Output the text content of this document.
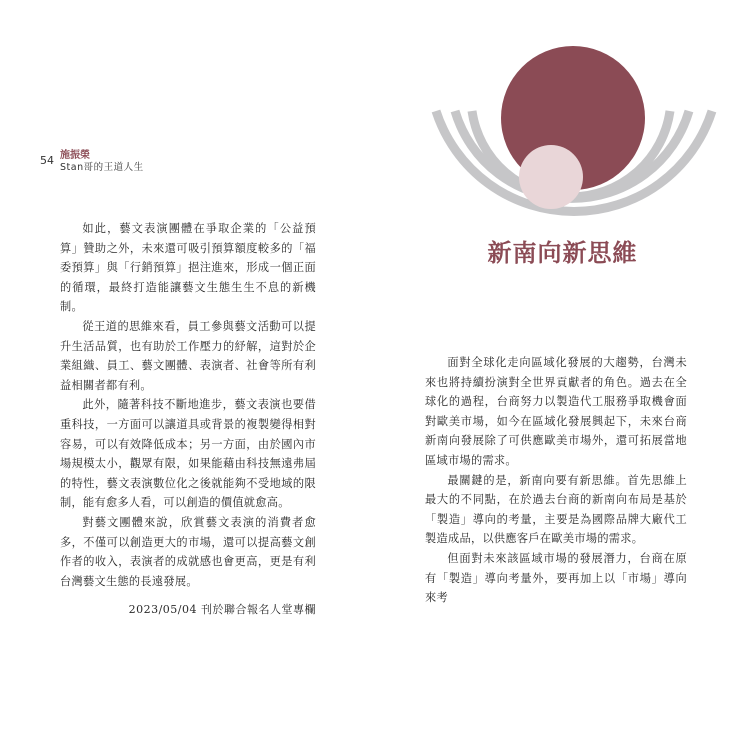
54 施振榮
Stan哥的王道人生

如此，藝文表演團體在爭取企業的「公益預算」贊助之外，未來還可吸引預算額度較多的「福委預算」與「行銷預算」挹注進來，形成一個正面的循環，最終打造能讓藝文生態生生不息的新機制。

從王道的思維來看，員工參與藝文活動可以提升生活品質，也有助於工作壓力的紓解，這對於企業組織、員工、藝文團體、表演者、社會等所有利益相關者都有利。

此外，隨著科技不斷地進步，藝文表演也要借重科技，一方面可以讓道具或背景的複製變得相對容易，可以有效降低成本；另一方面，由於國內市場規模太小，觀眾有限，如果能藉由科技無遠弗屆的特性，藝文表演數位化之後就能夠不受地域的限制，能有愈多人看，可以創造的價值就愈高。

對藝文團體來說，欣賞藝文表演的消費者愈多，不僅可以創造更大的市場，還可以提高藝文創作者的收入，表演者的成就感也會更高，更是有利台灣藝文生態的長遠發展。

2023/05/04 刊於聯合報名人堂專欄
新南向新思維

面對全球化走向區域化發展的大趨勢，台灣未來也將持續扮演對全世界貢獻者的角色。過去在全球化的過程，台商努力以製造代工服務爭取機會面對歐美市場，如今在區域化發展興起下，未來台商新南向發展除了可供應歐美市場外，還可拓展當地區域市場的需求。

最關鍵的是，新南向要有新思維。首先思維上最大的不同點，在於過去台商的新南向布局是基於「製造」導向的考量，主要是為國際品牌大廠代工製造成品，以供應客戶在歐美市場的需求。

但面對未來該區域市場的發展潛力，台商在原有「製造」導向考量外，要再加上以「市場」導向來考
